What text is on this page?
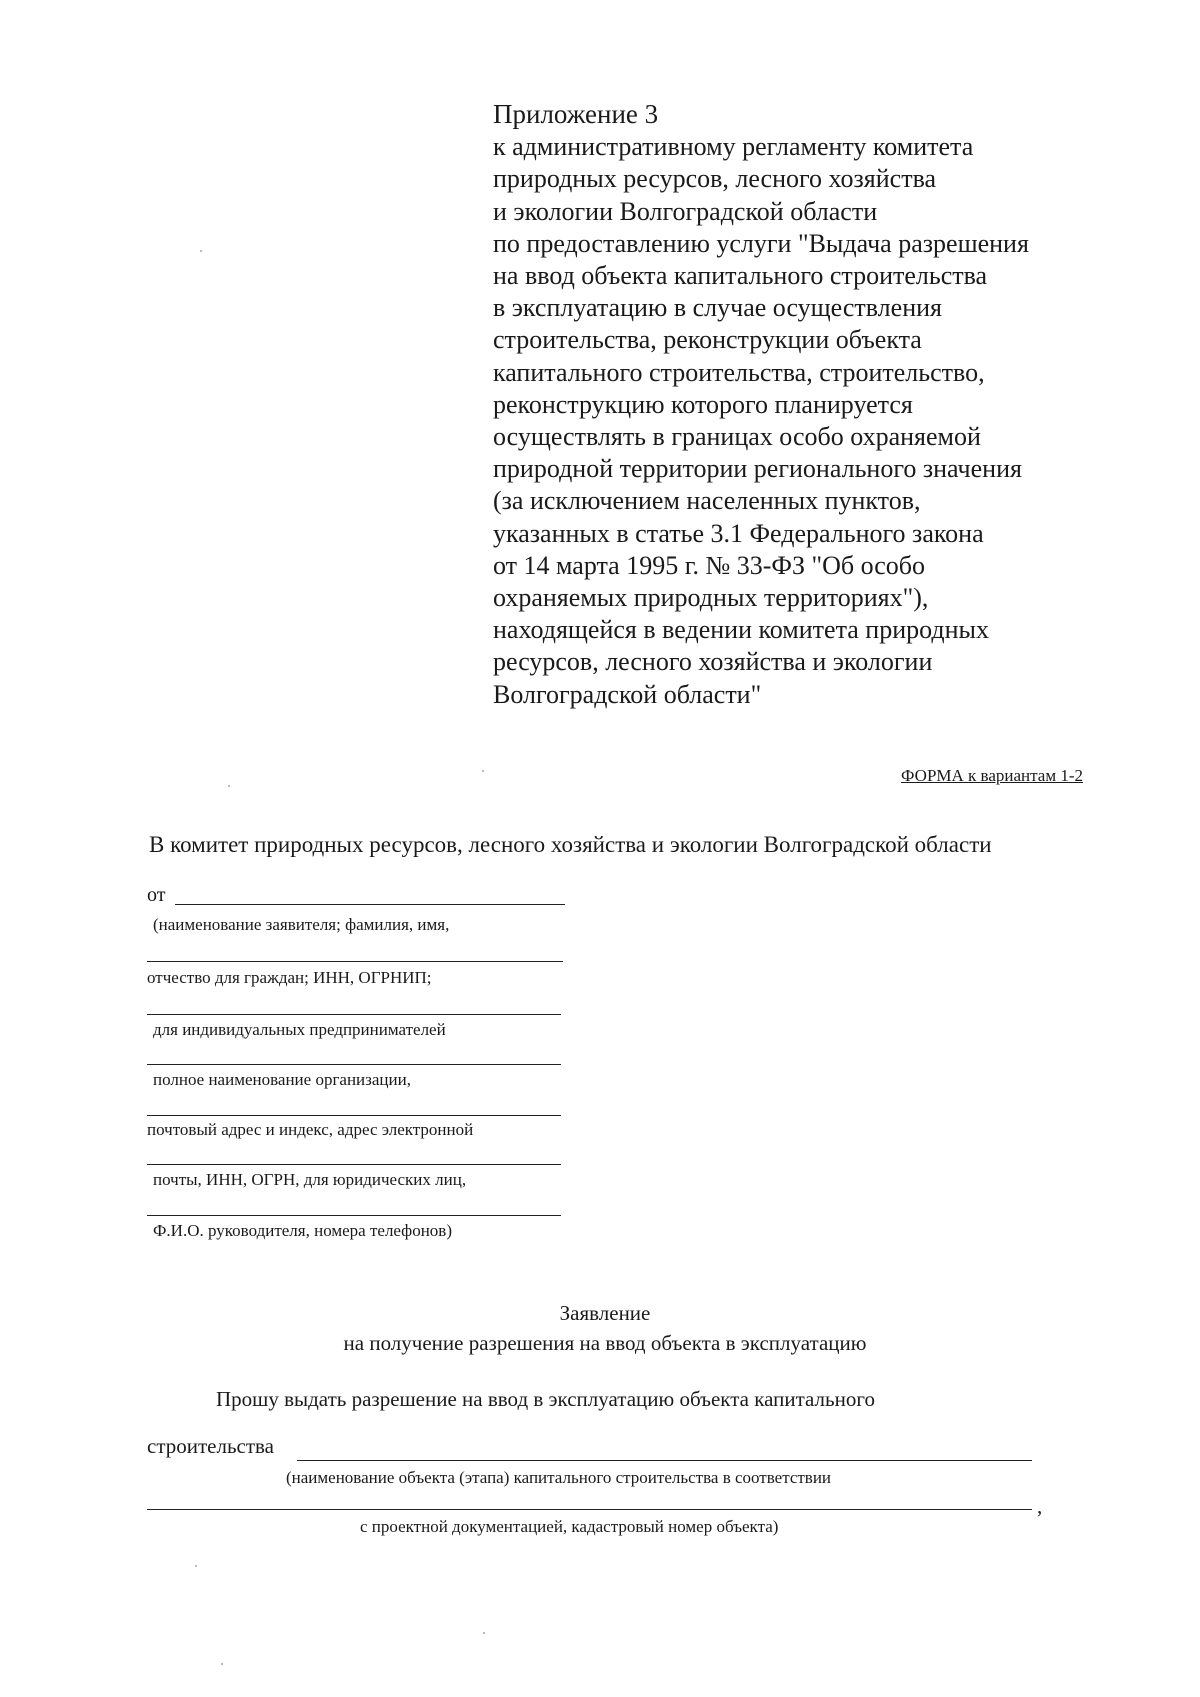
Приложение 3
к административному регламенту комитета
природных ресурсов, лесного хозяйства
и экологии Волгоградской области
по предоставлению услуги "Выдача разрешения
на ввод объекта капитального строительства
в эксплуатацию в случае осуществления
строительства, реконструкции объекта
капитального строительства, строительство,
реконструкцию которого планируется
осуществлять в границах особо охраняемой
природной территории регионального значения
(за исключением населенных пунктов,
указанных в статье 3.1 Федерального закона
от 14 марта 1995 г. № 33-ФЗ "Об особо
охраняемых природных территориях"),
находящейся в ведении комитета природных
ресурсов, лесного хозяйства и экологии
Волгоградской области"
ФОРМА к вариантам 1-2
В комитет природных ресурсов, лесного хозяйства и экологии Волгоградской области
от
(наименование заявителя; фамилия, имя,
отчество для граждан; ИНН, ОГРНИП;
для индивидуальных предпринимателей
полное наименование организации,
почтовый адрес и индекс, адрес электронной
почты, ИНН, ОГРН, для юридических лиц,
Ф.И.О. руководителя, номера телефонов)
Заявление
на получение разрешения на ввод объекта в эксплуатацию
Прошу выдать разрешение на ввод в эксплуатацию объекта капитального
строительства
(наименование объекта (этапа) капитального строительства в соответствии
,
с проектной документацией, кадастровый номер объекта)
